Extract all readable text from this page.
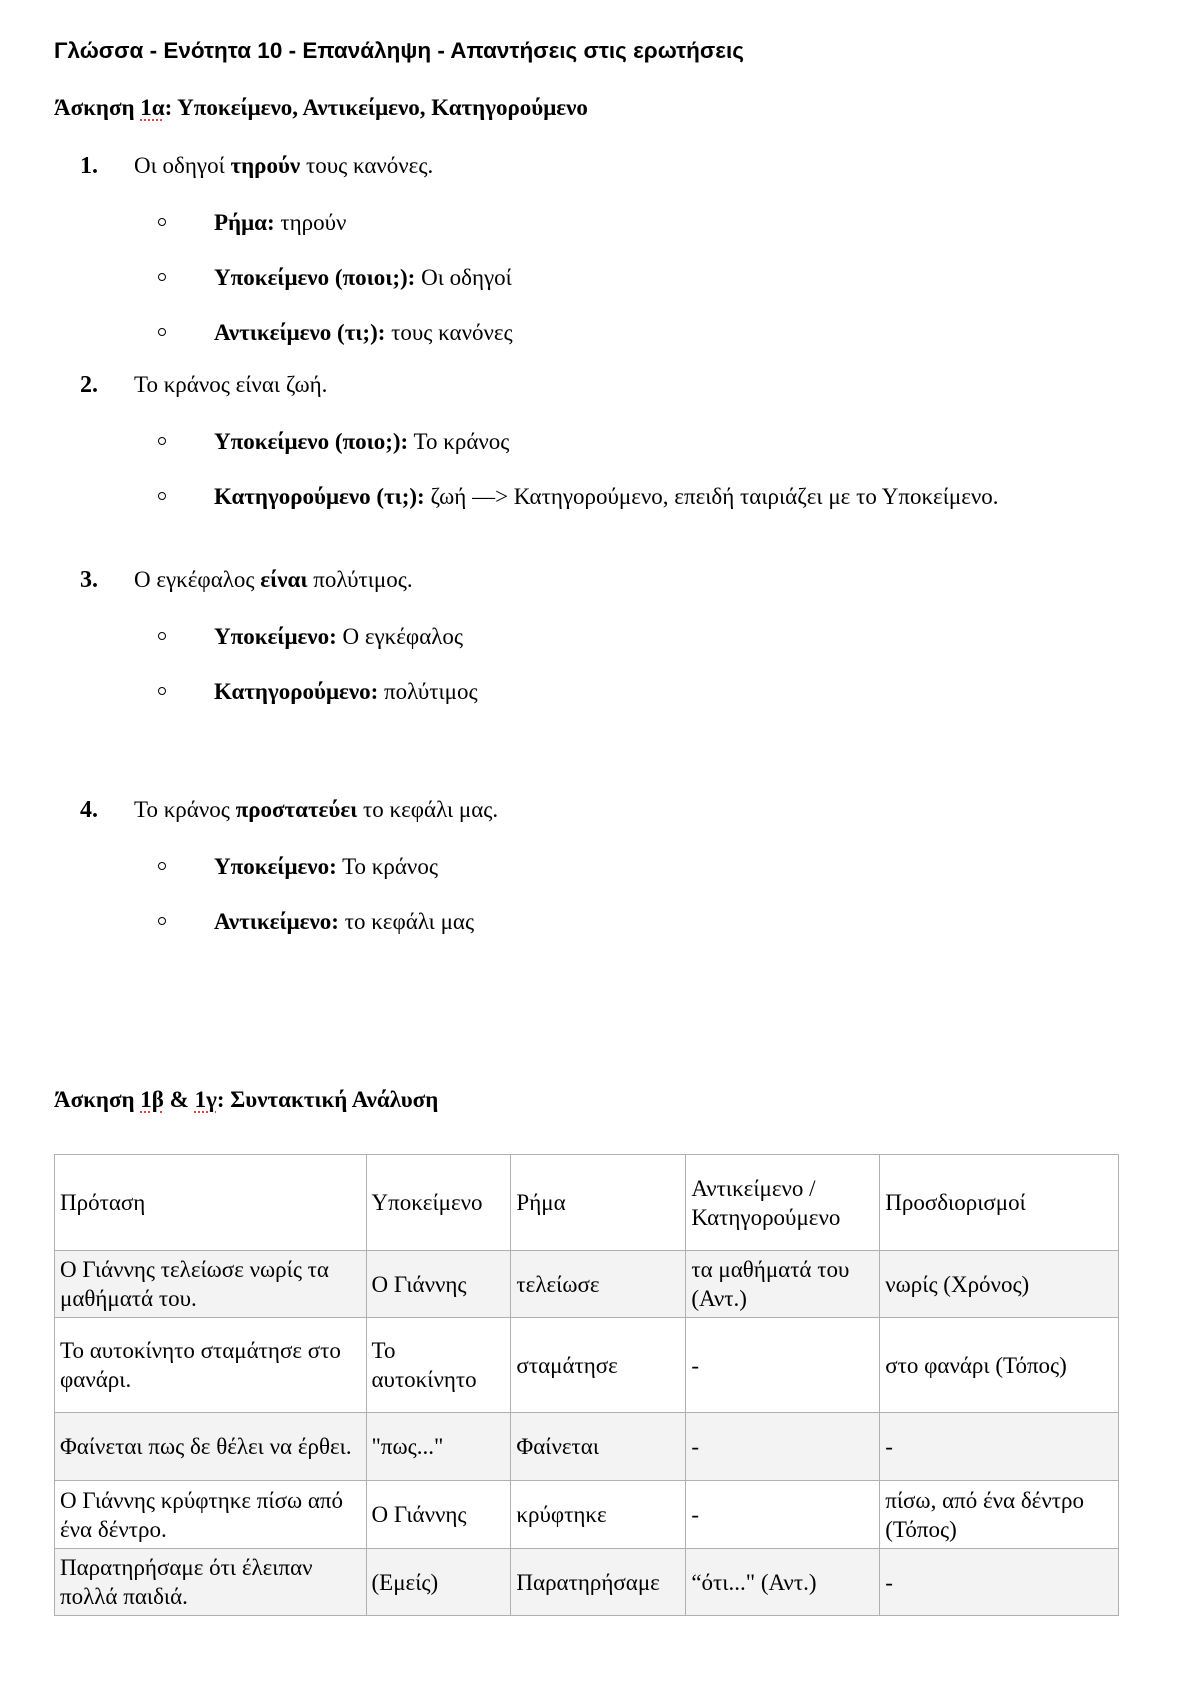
Γλώσσα - Ενότητα 10 - Επανάληψη - Απαντήσεις στις ερωτήσεις
Άσκηση 1α: Υποκείμενο, Αντικείμενο, Κατηγορούμενο
1. Οι οδηγοί τηρούν τους κανόνες.
Ρήμα: τηρούν
Υποκείμενο (ποιοι;): Οι οδηγοί
Αντικείμενο (τι;): τους κανόνες
2. Το κράνος είναι ζωή.
Υποκείμενο (ποιο;): Το κράνος
Κατηγορούμενο (τι;): ζωή —> Κατηγορούμενο, επειδή ταιριάζει με το Υποκείμενο.
3. Ο εγκέφαλος είναι πολύτιμος.
Υποκείμενο: Ο εγκέφαλος
Κατηγορούμενο: πολύτιμος
4. Το κράνος προστατεύει το κεφάλι μας.
Υποκείμενο: Το κράνος
Αντικείμενο: το κεφάλι μας
Άσκηση 1β & 1γ: Συντακτική Ανάλυση
Πρόταση	Υποκείμενο	Ρήμα	Αντικείμενο / Κατηγορούμενο	Προσδιορισμοί
Ο Γιάννης τελείωσε νωρίς τα μαθήματά του.	Ο Γιάννης	τελείωσε	τα μαθήματά του (Αντ.)	νωρίς (Χρόνος)
Το αυτοκίνητο σταμάτησε στο φανάρι.	Το αυτοκίνητο	σταμάτησε	-	στο φανάρι (Τόπος)
Φαίνεται πως δε θέλει να έρθει.	"πως..."	Φαίνεται	-	-
Ο Γιάννης κρύφτηκε πίσω από ένα δέντρο.	Ο Γιάννης	κρύφτηκε	-	πίσω, από ένα δέντρο (Τόπος)
Παρατηρήσαμε ότι έλειπαν πολλά παιδιά.	(Εμείς)	Παρατηρήσαμε	“ότι..." (Αντ.)	-
